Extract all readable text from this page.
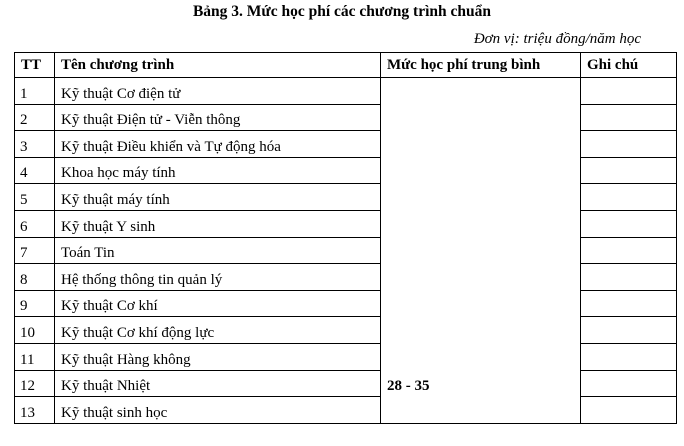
Bảng 3. Mức học phí các chương trình chuẩn
Đơn vị: triệu đồng/năm học
TT	Tên chương trình	Mức học phí trung bình	Ghi chú
1	Kỹ thuật Cơ điện tử	28 - 35	
2	Kỹ thuật Điện tử - Viễn thông		
3	Kỹ thuật Điều khiển và Tự động hóa		
4	Khoa học máy tính		
5	Kỹ thuật máy tính		
6	Kỹ thuật Y sinh		
7	Toán Tin		
8	Hệ thống thông tin quản lý		
9	Kỹ thuật Cơ khí		
10	Kỹ thuật Cơ khí động lực		
11	Kỹ thuật Hàng không		
12	Kỹ thuật Nhiệt		
13	Kỹ thuật sinh học		
